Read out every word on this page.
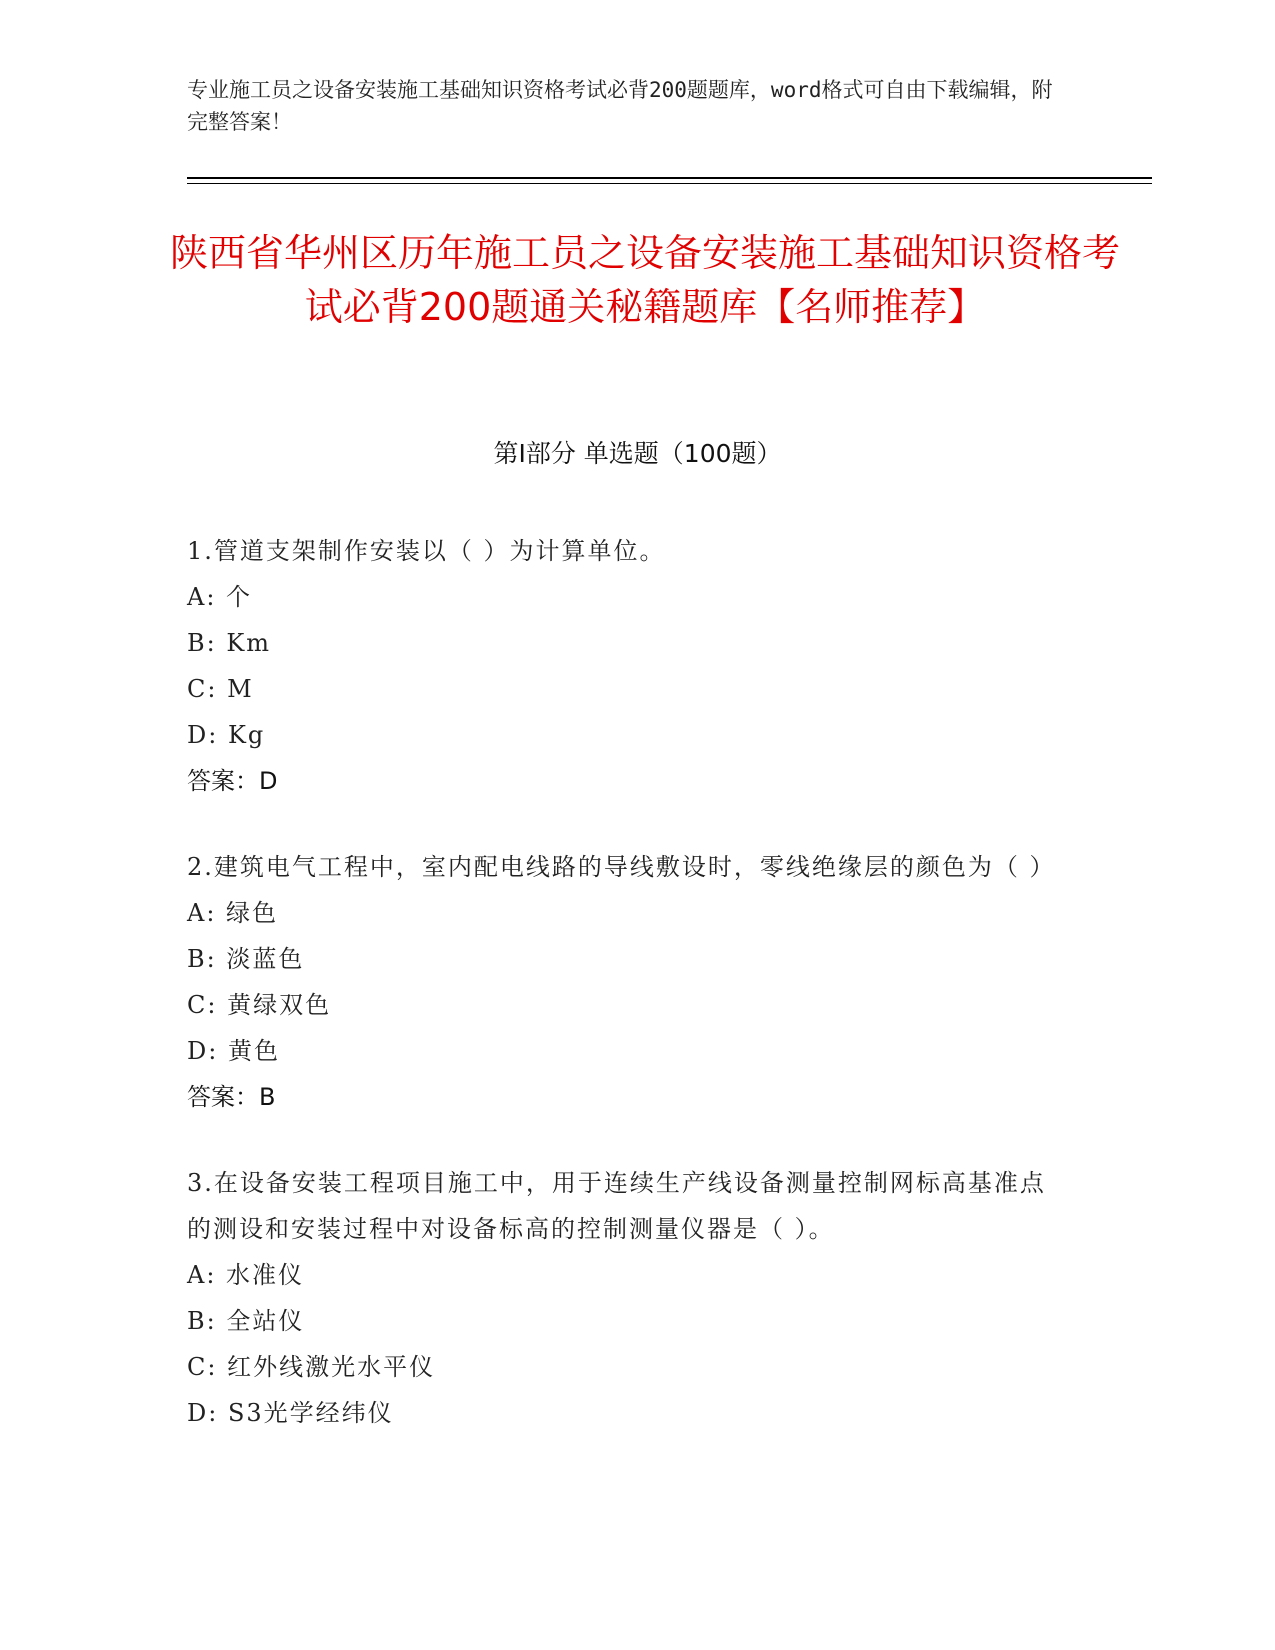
专业施工员之设备安装施工基础知识资格考试必背200题题库，word格式可自由下载编辑，附完整答案！
陕西省华州区历年施工员之设备安装施工基础知识资格考试必背200题通关秘籍题库【名师推荐】
第I部分 单选题（100题）
1.管道支架制作安装以（ ）为计算单位。
A: 个
B: Km
C: M
D: Kg
答案：D
2.建筑电气工程中，室内配电线路的导线敷设时，零线绝缘层的颜色为（ ）
A: 绿色
B: 淡蓝色
C: 黄绿双色
D: 黄色
答案：B
3.在设备安装工程项目施工中，用于连续生产线设备测量控制网标高基准点的测设和安装过程中对设备标高的控制测量仪器是（ ）。
A: 水准仪
B: 全站仪
C: 红外线激光水平仪
D: S3光学经纬仪
